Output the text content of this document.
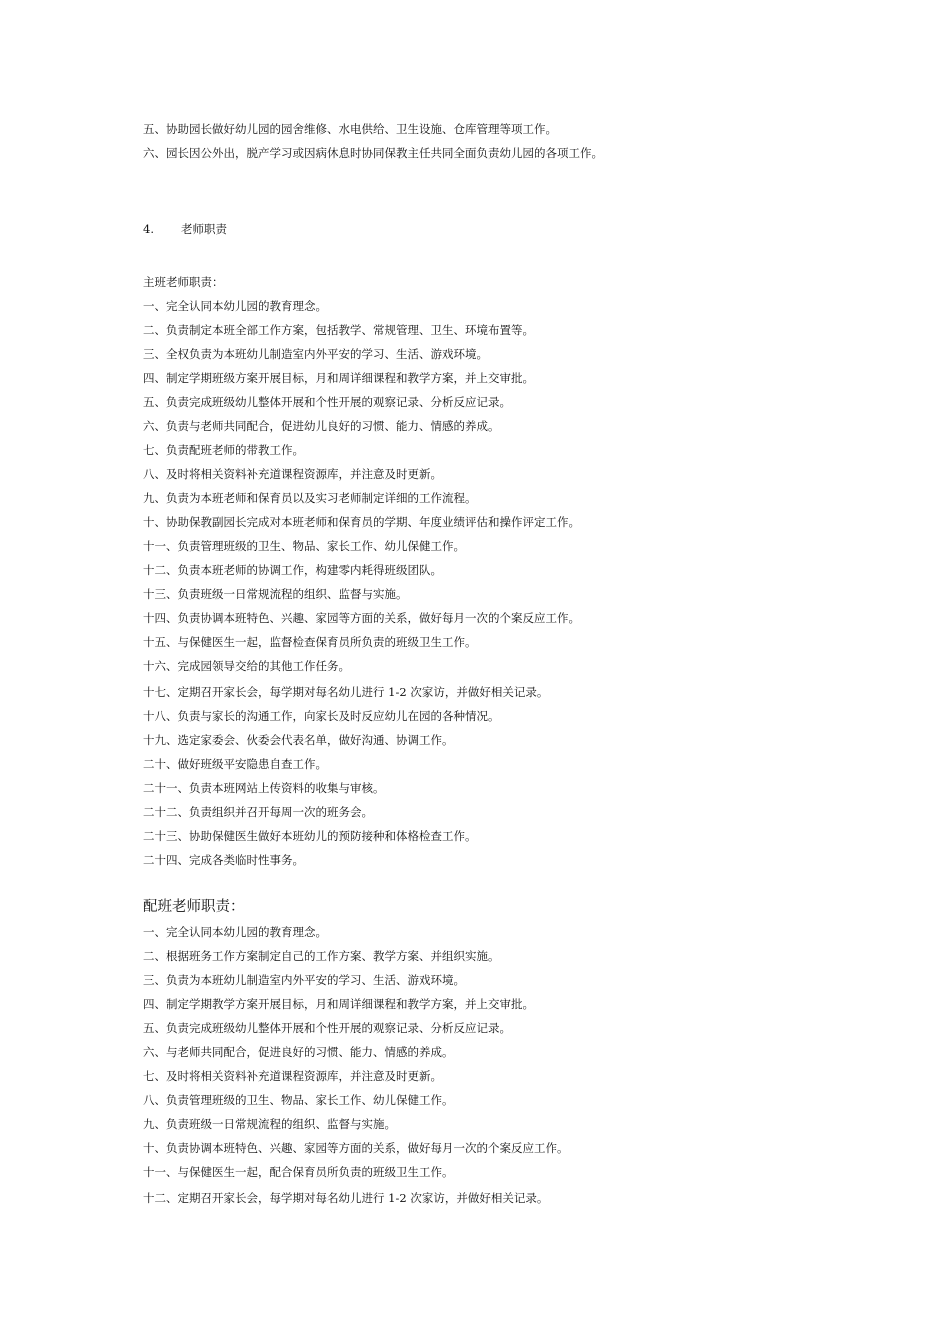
五、协助园长做好幼儿园的园舍维修、水电供给、卫生设施、仓库管理等项工作。
六、园长因公外出，脱产学习或因病休息时协同保教主任共同全面负责幼儿园的各项工作。
4. 老师职责
主班老师职责：
一、完全认同本幼儿园的教育理念。
二、负责制定本班全部工作方案，包括教学、常规管理、卫生、环境布置等。
三、全权负责为本班幼儿制造室内外平安的学习、生活、游戏环境。
四、制定学期班级方案开展目标，月和周详细课程和教学方案，并上交审批。
五、负责完成班级幼儿整体开展和个性开展的观察记录、分析反应记录。
六、负责与老师共同配合，促进幼儿良好的习惯、能力、情感的养成。
七、负责配班老师的带教工作。
八、及时将相关资料补充道课程资源库，并注意及时更新。
九、负责为本班老师和保育员以及实习老师制定详细的工作流程。
十、协助保教副园长完成对本班老师和保育员的学期、年度业绩评估和操作评定工作。
十一、负责管理班级的卫生、物品、家长工作、幼儿保健工作。
十二、负责本班老师的协调工作，构建零内耗得班级团队。
十三、负责班级一日常规流程的组织、监督与实施。
十四、负责协调本班特色、兴趣、家园等方面的关系，做好每月一次的个案反应工作。
十五、与保健医生一起，监督检查保育员所负责的班级卫生工作。
十六、完成园领导交给的其他工作任务。
十七、定期召开家长会，每学期对每名幼儿进行 1-2 次家访，并做好相关记录。
十八、负责与家长的沟通工作，向家长及时反应幼儿在园的各种情况。
十九、选定家委会、伙委会代表名单，做好沟通、协调工作。
二十、做好班级平安隐患自查工作。
二十一、负责本班网站上传资料的收集与审核。
二十二、负责组织并召开每周一次的班务会。
二十三、协助保健医生做好本班幼儿的预防接种和体格检查工作。
二十四、完成各类临时性事务。
配班老师职责：
一、完全认同本幼儿园的教育理念。
二、根据班务工作方案制定自己的工作方案、教学方案、并组织实施。
三、负责为本班幼儿制造室内外平安的学习、生活、游戏环境。
四、制定学期教学方案开展目标，月和周详细课程和教学方案，并上交审批。
五、负责完成班级幼儿整体开展和个性开展的观察记录、分析反应记录。
六、与老师共同配合，促进良好的习惯、能力、情感的养成。
七、及时将相关资料补充道课程资源库，并注意及时更新。
八、负责管理班级的卫生、物品、家长工作、幼儿保健工作。
九、负责班级一日常规流程的组织、监督与实施。
十、负责协调本班特色、兴趣、家园等方面的关系，做好每月一次的个案反应工作。
十一、与保健医生一起，配合保育员所负责的班级卫生工作。
十二、定期召开家长会，每学期对每名幼儿进行 1-2 次家访，并做好相关记录。
